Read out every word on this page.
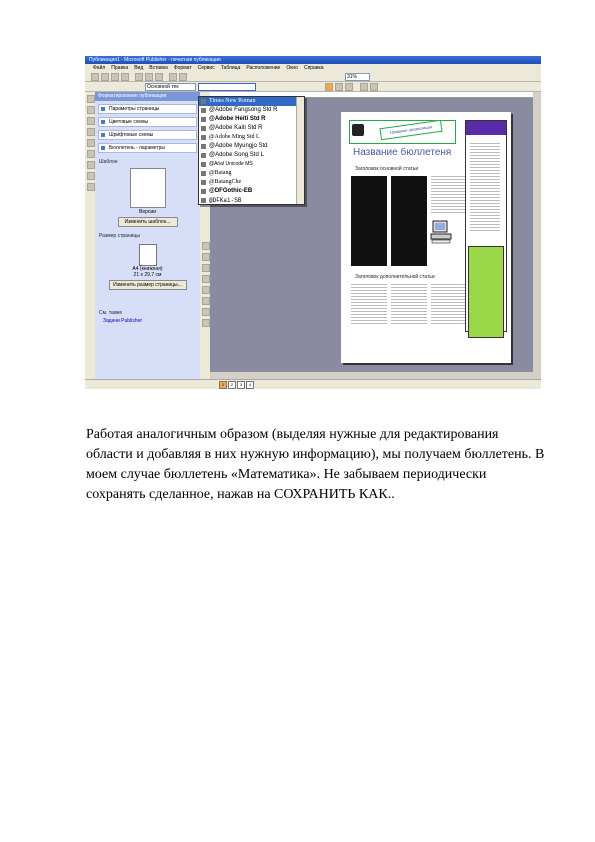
Публикация1 - Microsoft Publisher - печатная публикация
Файл Правка Вид Вставка Формат Сервис Таблица Расположение Окно Справка
31%
Основной тек
Форматирование публикации
Параметры страницы
Цветовые схемы
Шрифтовые схемы
Бюллетень - параметры
Шаблон
Версии
Изменить шаблон...
Размер страницы
A4 (книжная)
21 x 29,7 см
Изменить размер страницы...
См. также
Задачи Publisher
Название организации
Название бюллетеня
Заголовок основной статьи
Заголовок дополнительной статьи
Times New Roman
@Adobe Fangsong Std R
@Adobe Heiti Std R
@Adobe Kaiti Std R
@Adobe Ming Std L
@Adobe Myungjo Std
@Adobe Song Std L
@Arial Unicode MS
@Batang
@BatangChe
@DFGothic-EB
@DFKai-SB
1	2	3	4

Работая аналогичным образом (выделяя нужные для редактирования области и добавляя в них нужную информацию), мы получаем бюллетень. В моем случае бюллетень «Математика». Не забываем периодически сохранять сделанное, нажав на СОХРАНИТЬ КАК..
